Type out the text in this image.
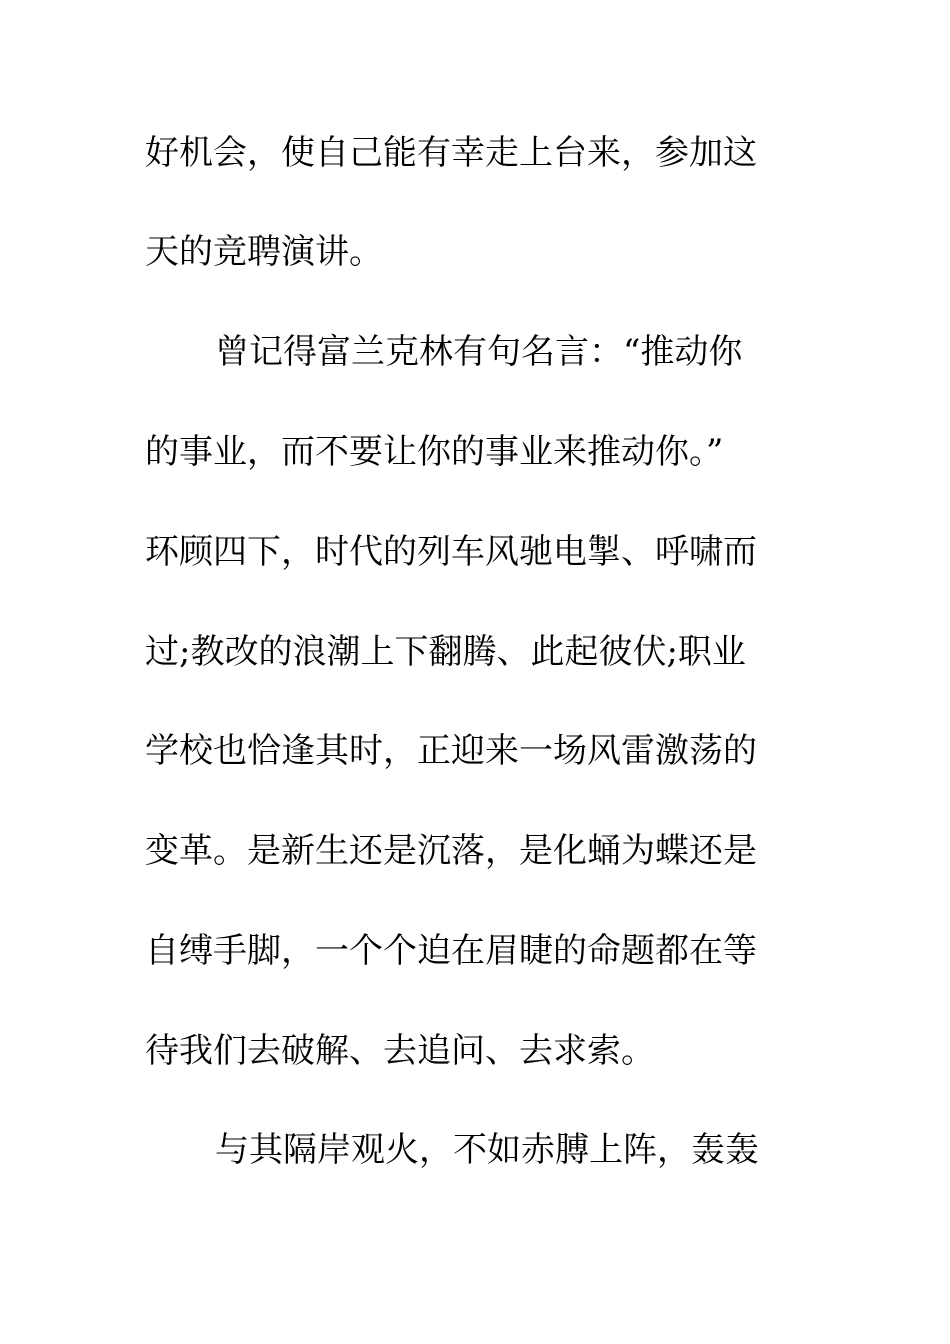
好机会，使自己能有幸走上台来，参加这
天的竞聘演讲。
曾记得富兰克林有句名言：“推动你
的事业，而不要让你的事业来推动你。”
环顾四下，时代的列车风驰电掣、呼啸而
过;教改的浪潮上下翻腾、此起彼伏;职业
学校也恰逢其时，正迎来一场风雷激荡的
变革。是新生还是沉落，是化蛹为蝶还是
自缚手脚，一个个迫在眉睫的命题都在等
待我们去破解、去追问、去求索。
与其隔岸观火，不如赤膊上阵，轰轰
